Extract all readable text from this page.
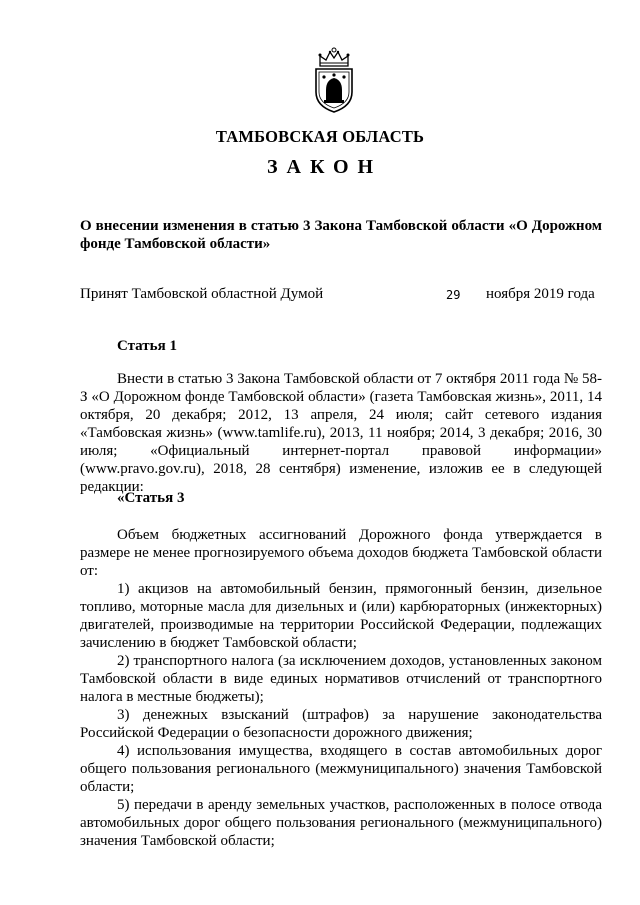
ТАМБОВСКАЯ ОБЛАСТЬ
ЗАКОН

О внесении изменения в статью 3 Закона Тамбовской области «О Дорожном фонде Тамбовской области»

Принят Тамбовской областной Думой	29 ноября 2019 года
Статья 1

Внести в статью 3 Закона Тамбовской области от 7 октября 2011 года № 58-З «О Дорожном фонде Тамбовской области» (газета Тамбовская жизнь», 2011, 14 октября, 20 декабря; 2012, 13 апреля, 24 июля; сайт сетевого издания «Тамбовская жизнь» (www.tamlife.ru), 2013, 11 ноября; 2014, 3 декабря; 2016, 30 июля; «Официальный интернет-портал правовой информации» (www.pravo.gov.ru), 2018, 28 сентября) изменение, изложив ее в следующей редакции:

«Статья 3

Объем бюджетных ассигнований Дорожного фонда утверждается в размере не менее прогнозируемого объема доходов бюджета Тамбовской области от:

1) акцизов на автомобильный бензин, прямогонный бензин, дизельное топливо, моторные масла для дизельных и (или) карбюраторных (инжекторных) двигателей, производимые на территории Российской Федерации, подлежащих зачислению в бюджет Тамбовской области;

2) транспортного налога (за исключением доходов, установленных законом Тамбовской области в виде единых нормативов отчислений от транспортного налога в местные бюджеты);

3) денежных взысканий (штрафов) за нарушение законодательства Российской Федерации о безопасности дорожного движения;

4) использования имущества, входящего в состав автомобильных дорог общего пользования регионального (межмуниципального) значения Тамбовской области;

5) передачи в аренду земельных участков, расположенных в полосе отвода автомобильных дорог общего пользования регионального (межмуниципального) значения Тамбовской области;
